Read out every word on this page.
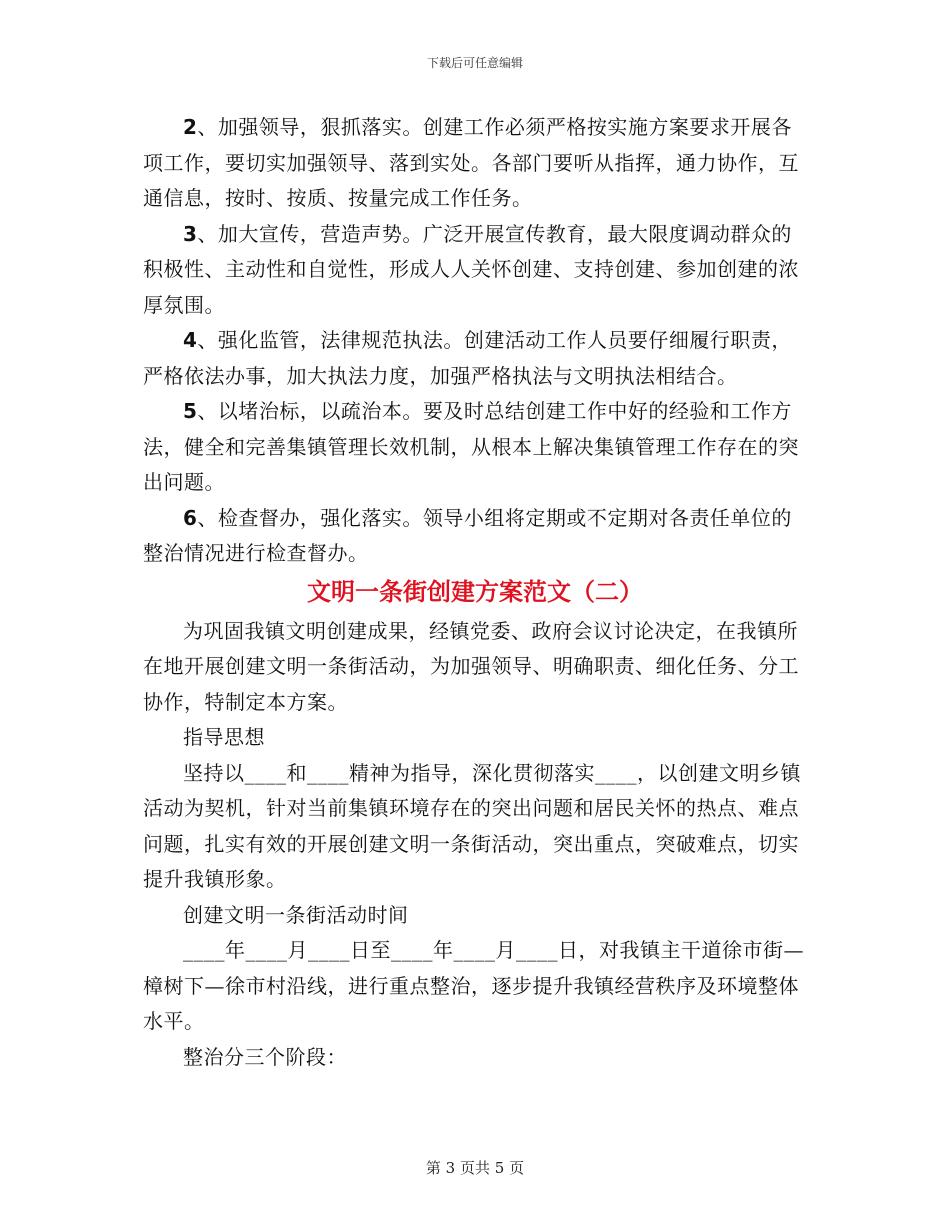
下载后可任意编辑

2、加强领导，狠抓落实。创建工作必须严格按实施方案要求开展各项工作，要切实加强领导、落到实处。各部门要听从指挥，通力协作，互通信息，按时、按质、按量完成工作任务。

3、加大宣传，营造声势。广泛开展宣传教育，最大限度调动群众的积极性、主动性和自觉性，形成人人关怀创建、支持创建、参加创建的浓厚氛围。

4、强化监管，法律规范执法。创建活动工作人员要仔细履行职责，严格依法办事，加大执法力度，加强严格执法与文明执法相结合。

5、以堵治标，以疏治本。要及时总结创建工作中好的经验和工作方法，健全和完善集镇管理长效机制，从根本上解决集镇管理工作存在的突出问题。

6、检查督办，强化落实。领导小组将定期或不定期对各责任单位的整治情况进行检查督办。

文明一条街创建方案范文（二）

为巩固我镇文明创建成果，经镇党委、政府会议讨论决定，在我镇所在地开展创建文明一条街活动，为加强领导、明确职责、细化任务、分工协作，特制定本方案。

指导思想

坚持以____和____精神为指导，深化贯彻落实____，以创建文明乡镇活动为契机，针对当前集镇环境存在的突出问题和居民关怀的热点、难点问题，扎实有效的开展创建文明一条街活动，突出重点，突破难点，切实提升我镇形象。

创建文明一条街活动时间

____年____月____日至____年____月____日，对我镇主干道徐市街—樟树下—徐市村沿线，进行重点整治，逐步提升我镇经营秩序及环境整体水平。

整治分三个阶段：

第 3 页共 5 页
